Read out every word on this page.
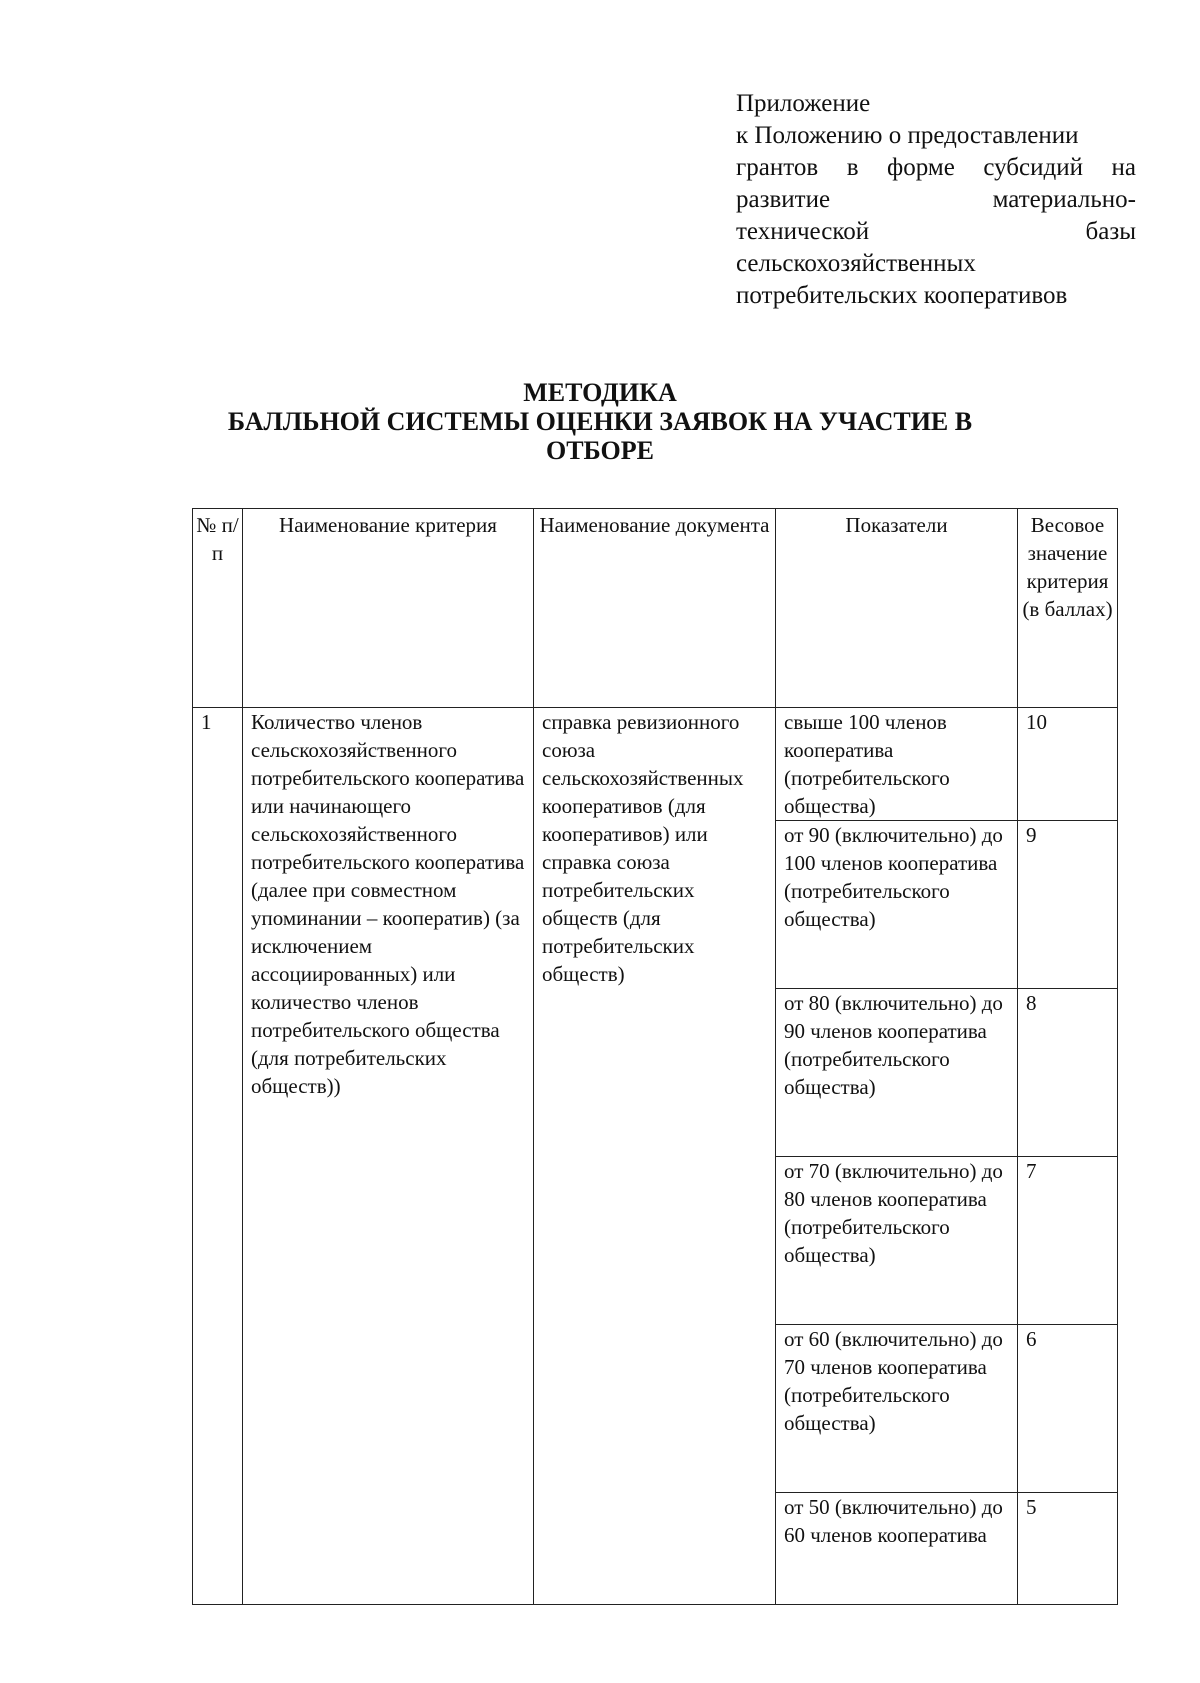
Приложение
к Положению о предоставлении
грантов в форме субсидий на
развитие	материально-
технической	базы
сельскохозяйственных
потребительских кооперативов
МЕТОДИКА
БАЛЛЬНОЙ СИСТЕМЫ ОЦЕНКИ ЗАЯВОК НА УЧАСТИЕ В
ОТБОРЕ
№ п/п	Наименование критерия	Наименование документа	Показатели	Весовое значение критерия (в баллах)
1	Количество членов сельскохозяйственного потребительского кооператива или начинающего сельскохозяйственного потребительского кооператива (далее при совместном упоминании – кооператив) (за исключением ассоциированных) или количество членов потребительского общества (для потребительских обществ))	справка ревизионного союза сельскохозяйственных кооперативов (для кооперативов) или справка союза потребительских обществ (для потребительских обществ)	свыше 100 членов кооператива (потребительского общества)	10
			от 90 (включительно) до 100 членов кооператива (потребительского общества)	9
			от 80 (включительно) до 90 членов кооператива (потребительского общества)	8
			от 70 (включительно) до 80 членов кооператива (потребительского общества)	7
			от 60 (включительно) до 70 членов кооператива (потребительского общества)	6
			от 50 (включительно) до 60 членов кооператива	5
